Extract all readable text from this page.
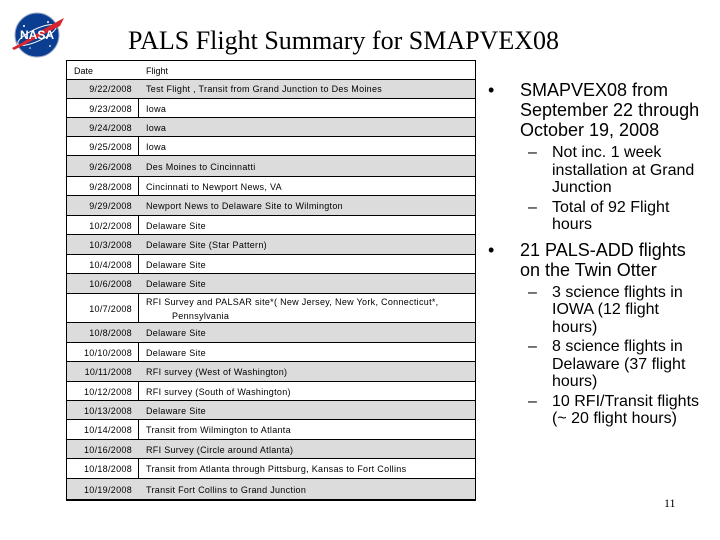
NASA	PALS Flight Summary for SMAPVEX08
Date	Flight
9/22/2008 Test Flight , Transit from Grand Junction to Des Moines
9/23/2008 Iowa
9/24/2008 Iowa
9/25/2008 Iowa
9/26/2008 Des Moines to Cincinnatti
9/28/2008 Cincinnati to Newport News, VA
9/29/2008 Newport News to Delaware Site to Wilmington
10/2/2008 Delaware Site
10/3/2008 Delaware Site (Star Pattern)
10/4/2008 Delaware Site
10/6/2008 Delaware Site
10/7/2008
RFI Survey and PALSAR site*( New Jersey, New York, Connecticut*,
Pennsylvania
10/8/2008 Delaware Site
10/10/2008 Delaware Site
10/11/2008 RFI survey (West of Washington)
10/12/2008 RFI survey (South of Washington)
10/13/2008 Delaware Site
10/14/2008 Transit from Wilmington to Atlanta
10/16/2008 RFI Survey (Circle around Atlanta)
10/18/2008 Transit from Atlanta through Pittsburg, Kansas to Fort Collins
10/19/2008 Transit Fort Collins to Grand Junction
• SMAPVEX08 from September 22 through October 19, 2008
– Not inc. 1 week installation at Grand Junction
– Total of 92 Flight hours
• 21 PALS-ADD flights on the Twin Otter
– 3 science flights in IOWA (12 flight hours)
– 8 science flights in Delaware (37 flight hours)
– 10 RFI/Transit flights (~ 20 flight hours)
11
